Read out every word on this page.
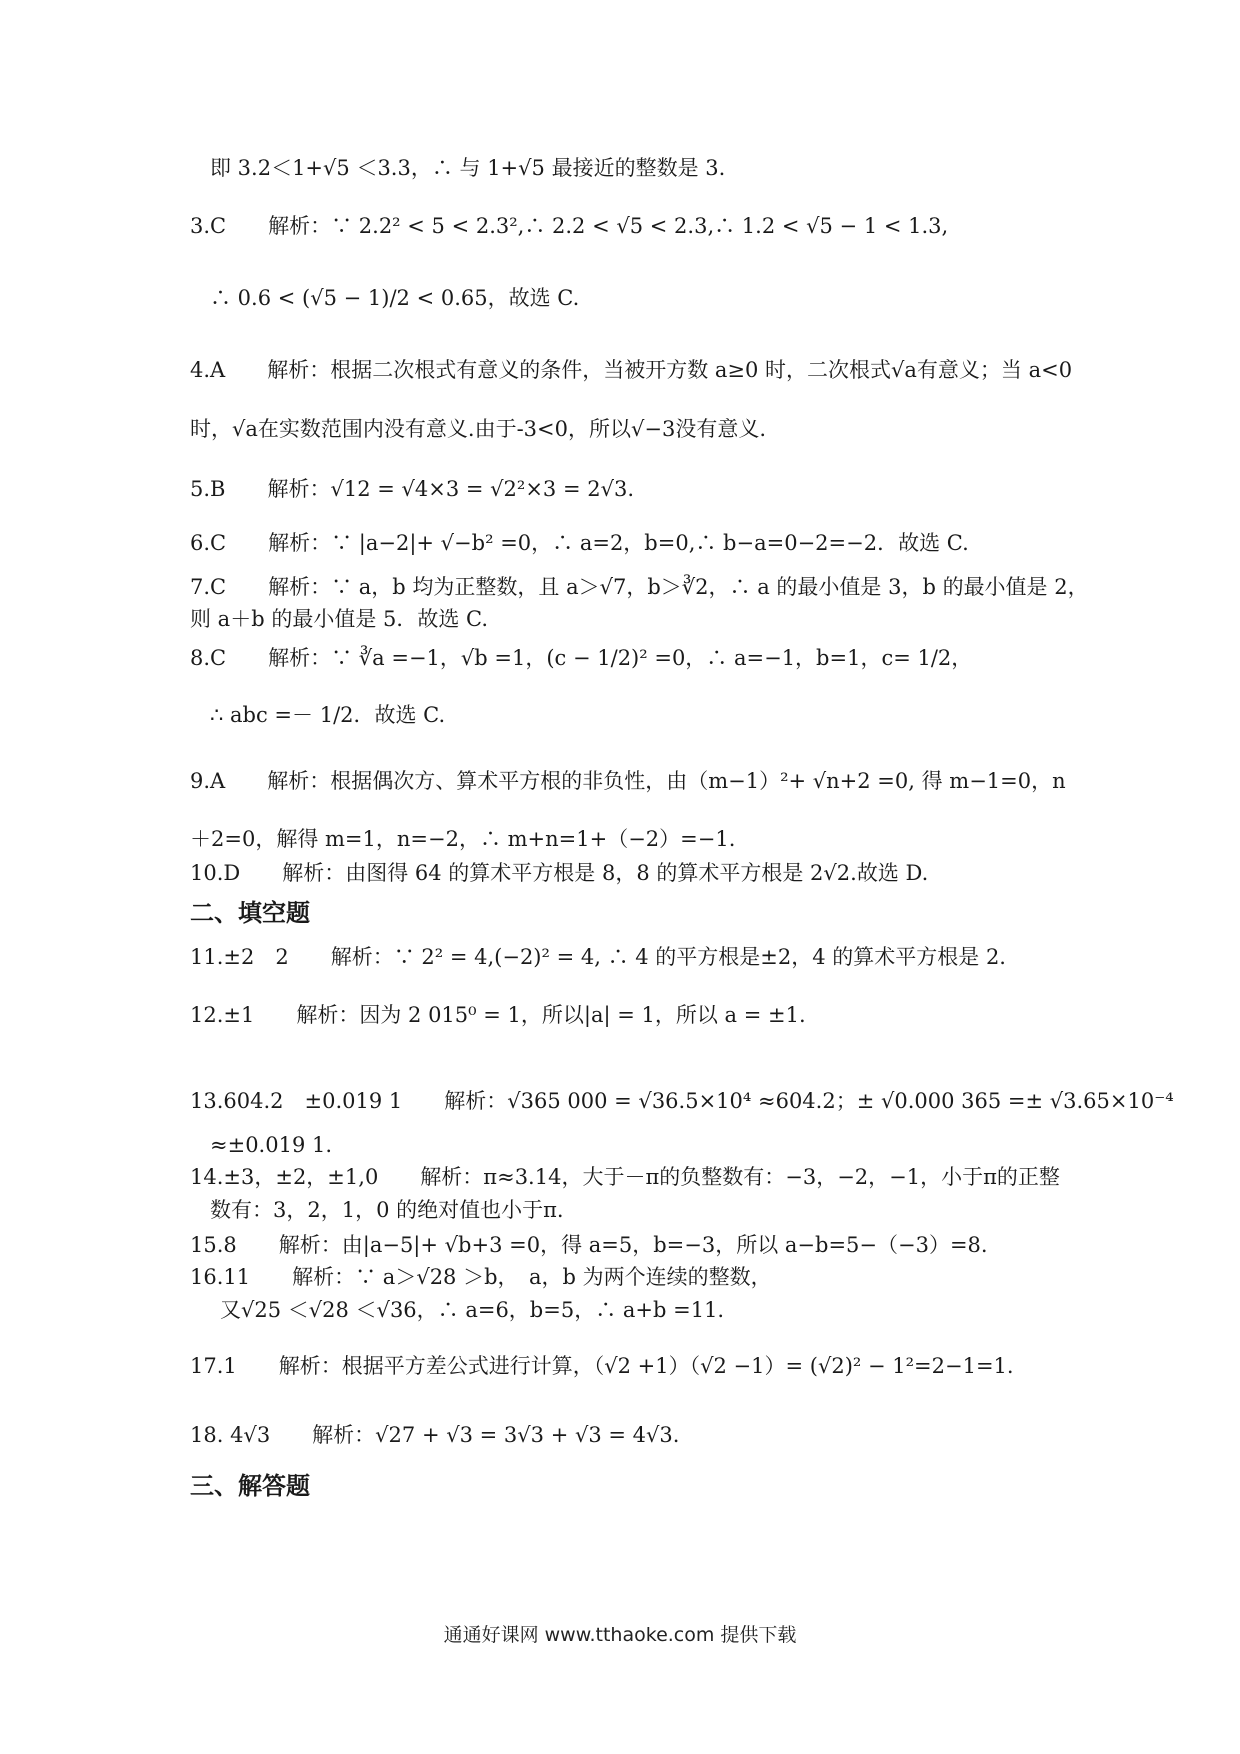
即 3.2＜1+√5 ＜3.3，∴ 与 1+√5 最接近的整数是 3.
3.C　　解析：∵ 2.2² < 5 < 2.3²,∴ 2.2 < √5 < 2.3,∴ 1.2 < √5 − 1 < 1.3,
∴ 0.6 < (√5 − 1)/2 < 0.65，故选 C.
4.A　　解析：根据二次根式有意义的条件，当被开方数 a≥0 时，二次根式√a有意义；当 a<0
时，√a在实数范围内没有意义.由于-3<0，所以√−3没有意义.
5.B　　解析：√12 = √4×3 = √2²×3 = 2√3.
6.C　　解析：∵ |a−2|+ √−b² =0，∴ a=2，b=0,∴ b−a=0−2=−2．故选 C.
7.C　　解析：∵ a，b 均为正整数，且 a＞√7，b＞∛2，∴ a 的最小值是 3，b 的最小值是 2，
则 a＋b 的最小值是 5．故选 C.
8.C　　解析：∵ ∛a =−1，√b =1，(c − 1/2)² =0，∴ a=−1，b=1，c= 1/2，
∴ abc =－ 1/2．故选 C.
9.A　　解析：根据偶次方、算术平方根的非负性，由（m−1）²+ √n+2 =0, 得 m−1=0，n
＋2=0，解得 m=1，n=−2，∴ m+n=1+（−2）=−1.
10.D　　解析：由图得 64 的算术平方根是 8，8 的算术平方根是 2√2.故选 D.
二、填空题
11.±2　2　　解析：∵ 2² = 4,(−2)² = 4, ∴ 4 的平方根是±2，4 的算术平方根是 2.
12.±1　　解析：因为 2 015⁰ = 1，所以|a| = 1，所以 a = ±1.
13.604.2　±0.019 1　　解析：√365 000 = √36.5×10⁴ ≈604.2；± √0.000 365 =± √3.65×10⁻⁴
≈±0.019 1.
14.±3，±2，±1,0　　解析：π≈3.14，大于－π的负整数有：−3，−2，−1，小于π的正整
数有：3，2，1，0 的绝对值也小于π.
15.8　　解析：由|a−5|+ √b+3 =0，得 a=5，b=−3，所以 a−b=5−（−3）=8.
16.11　　解析：∵ a＞√28 ＞b，　a，b 为两个连续的整数，
又√25 ＜√28 ＜√36，∴ a=6，b=5，∴ a+b =11.
17.1　　解析：根据平方差公式进行计算，（√2 +1）（√2 −1）= (√2)² − 1²=2−1=1.
18. 4√3　　解析：√27 + √3 = 3√3 + √3 = 4√3.
三、解答题
通通好课网 www.tthaoke.com 提供下载
